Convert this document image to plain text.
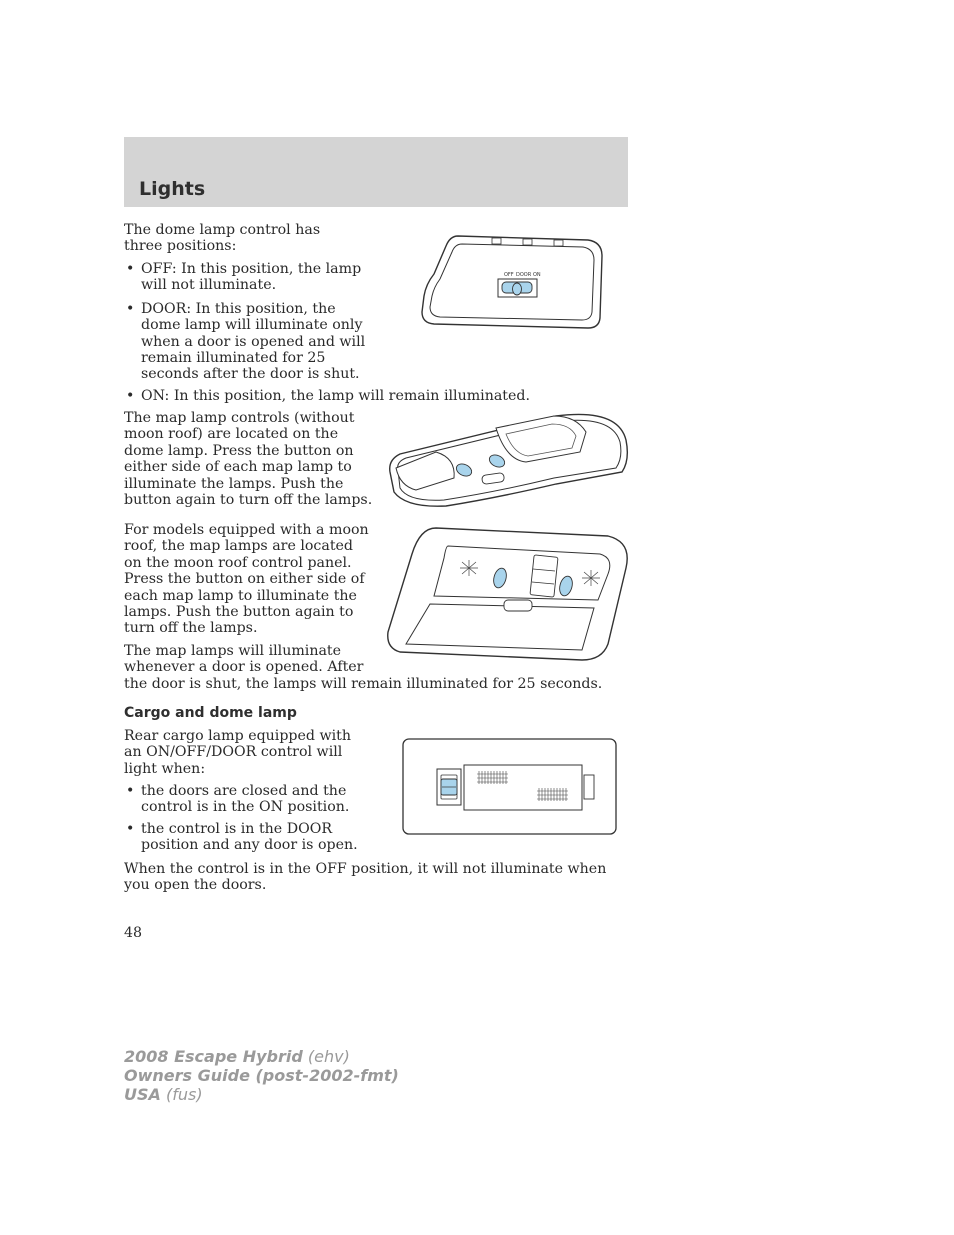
Lights

The dome lamp control has three positions:

• OFF: In this position, the lamp will not illuminate.
• DOOR: In this position, the dome lamp will illuminate only when a door is opened and will remain illuminated for 25 seconds after the door is shut.
• ON: In this position, the lamp will remain illuminated.
OFF DOOR ON

The map lamp controls (without moon roof) are located on the dome lamp. Press the button on either side of each map lamp to illuminate the lamps. Push the button again to turn off the lamps.

For models equipped with a moon roof, the map lamps are located on the moon roof control panel. Press the button on either side of each map lamp to illuminate the lamps. Push the button again to turn off the lamps.

The map lamps will illuminate whenever a door is opened. After

the door is shut, the lamps will remain illuminated for 25 seconds.

Cargo and dome lamp

Rear cargo lamp equipped with an ON/OFF/DOOR control will light when:

• the doors are closed and the control is in the ON position.
• the control is in the DOOR position and any door is open.

When the control is in the OFF position, it will not illuminate when you open the doors.

48
2008 Escape Hybrid (ehv)
Owners Guide (post-2002-fmt)
USA (fus)
